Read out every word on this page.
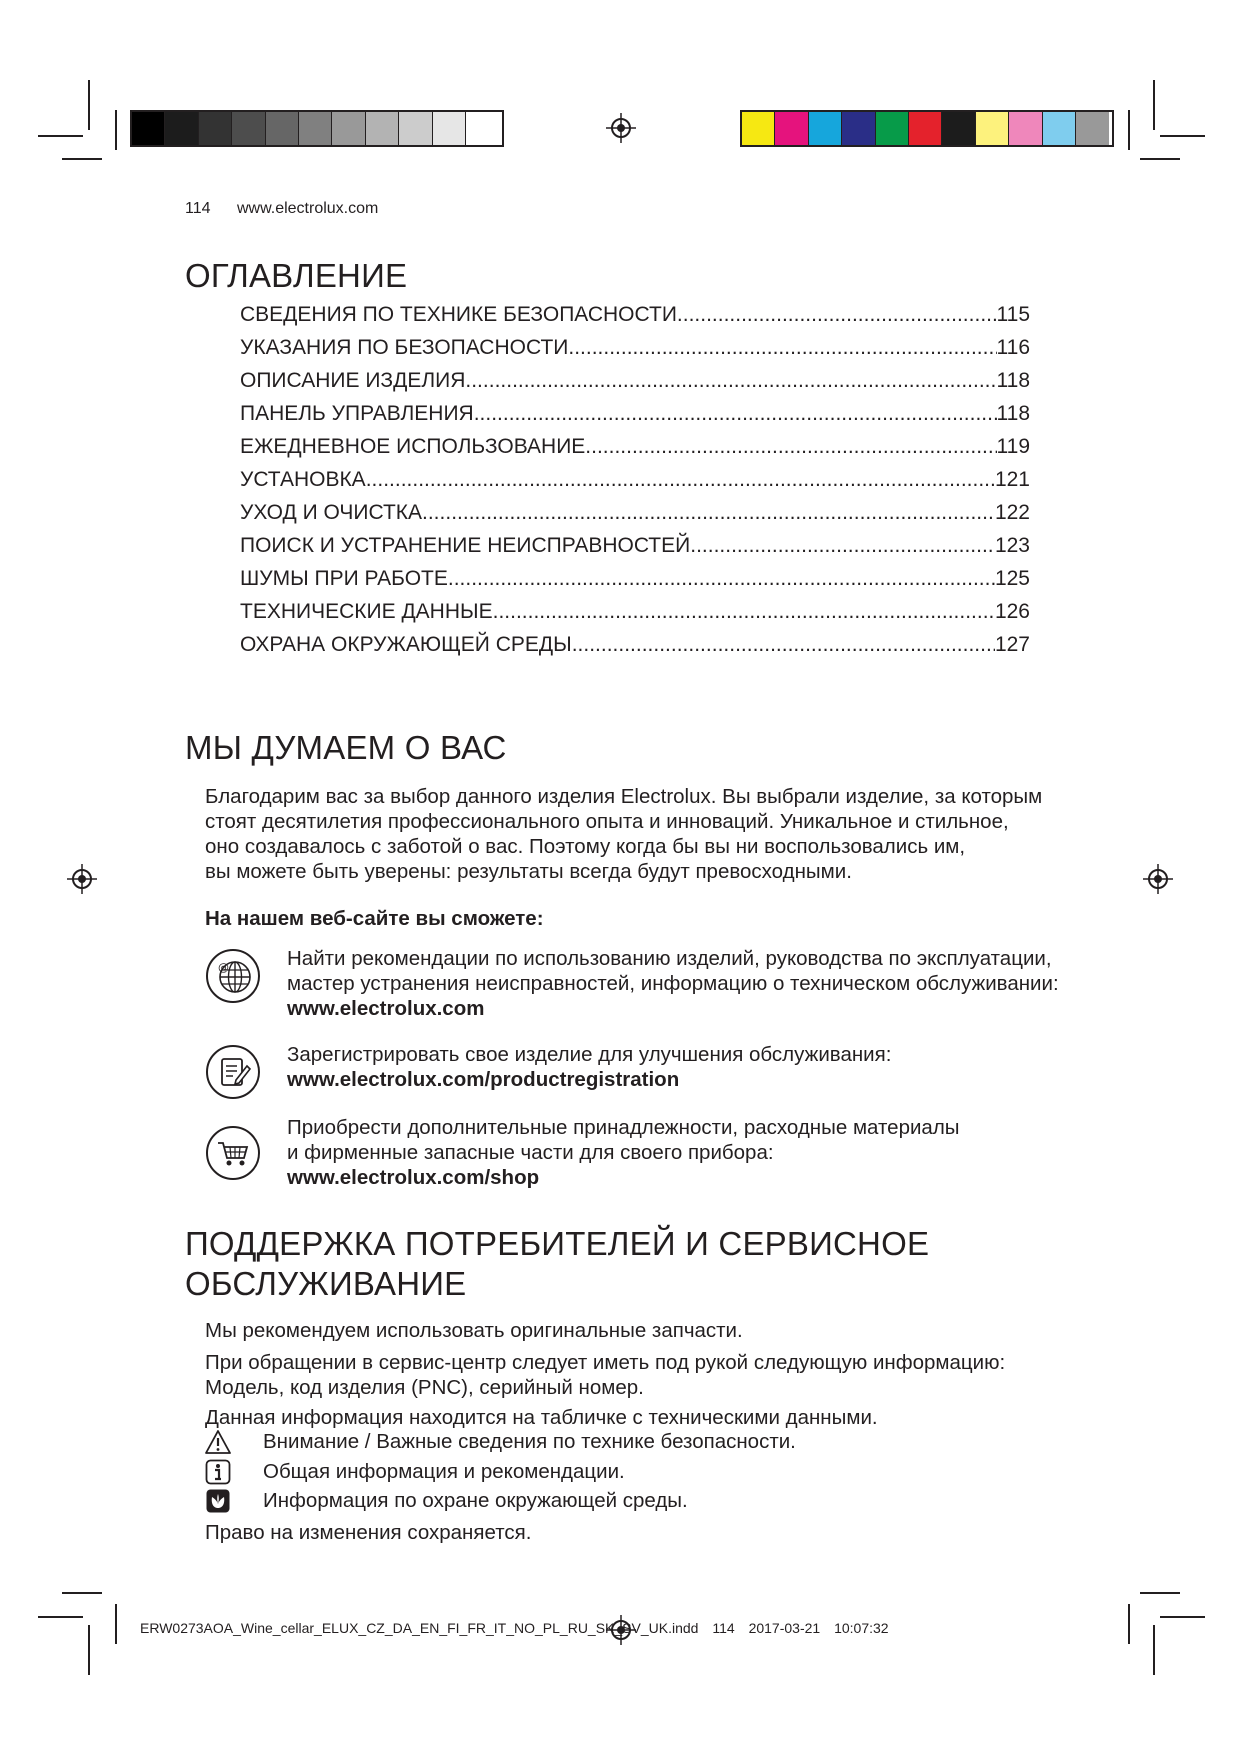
114 www.electrolux.com
ОГЛАВЛЕНИЕ
СВЕДЕНИЯ ПО ТЕХНИКЕ БЕЗОПАСНОСТИ .....	115
УКАЗАНИЯ ПО БЕЗОПАСНОСТИ .....	116
ОПИСАНИЕ ИЗДЕЛИЯ .....	118
ПАНЕЛЬ УПРАВЛЕНИЯ .....	118
ЕЖЕДНЕВНОЕ ИСПОЛЬЗОВАНИЕ .....	119
УСТАНОВКА .....	121
УХОД И ОЧИСТКА .....	122
ПОИСК И УСТРАНЕНИЕ НЕИСПРАВНОСТЕЙ .....	123
ШУМЫ ПРИ РАБОТЕ .....	125
ТЕХНИЧЕСКИЕ ДАННЫЕ .....	126
ОХРАНА ОКРУЖАЮЩЕЙ СРЕДЫ .....	127
МЫ ДУМАЕМ О ВАС
Благодарим вас за выбор данного изделия Electrolux. Вы выбрали изделие, за которым
стоят десятилетия профессионального опыта и инноваций. Уникальное и стильное,
оно создавалось с заботой о вас. Поэтому когда бы вы ни воспользовались им,
вы можете быть уверены: результаты всегда будут превосходными.
На нашем веб-сайте вы сможете:
@	Найти рекомендации по использованию изделий, руководства по эксплуатации,
мастер устранения неисправностей, информацию о техническом обслуживании:
www.electrolux.com
Зарегистрировать свое изделие для улучшения обслуживания:
www.electrolux.com/productregistration
Приобрести дополнительные принадлежности, расходные материалы
и фирменные запасные части для своего прибора:
www.electrolux.com/shop
ПОДДЕРЖКА ПОТРЕБИТЕЛЕЙ И СЕРВИСНОЕ
ОБСЛУЖИВАНИЕ
Мы рекомендуем использовать оригинальные запчасти.
При обращении в сервис-центр следует иметь под рукой следующую информацию:
Модель, код изделия (PNC), серийный номер.
Данная информация находится на табличке с техническими данными.
Внимание / Важные сведения по технике безопасности.
Общая информация и рекомендации.
Информация по охране окружающей среды.
Право на изменения сохраняется.
ERW0273AOA_Wine_cellar_ELUX_CZ_DA_EN_FI_FR_IT_NO_PL_RU_SK_SV_UK.indd 114 2017-03-21 10:07:32
